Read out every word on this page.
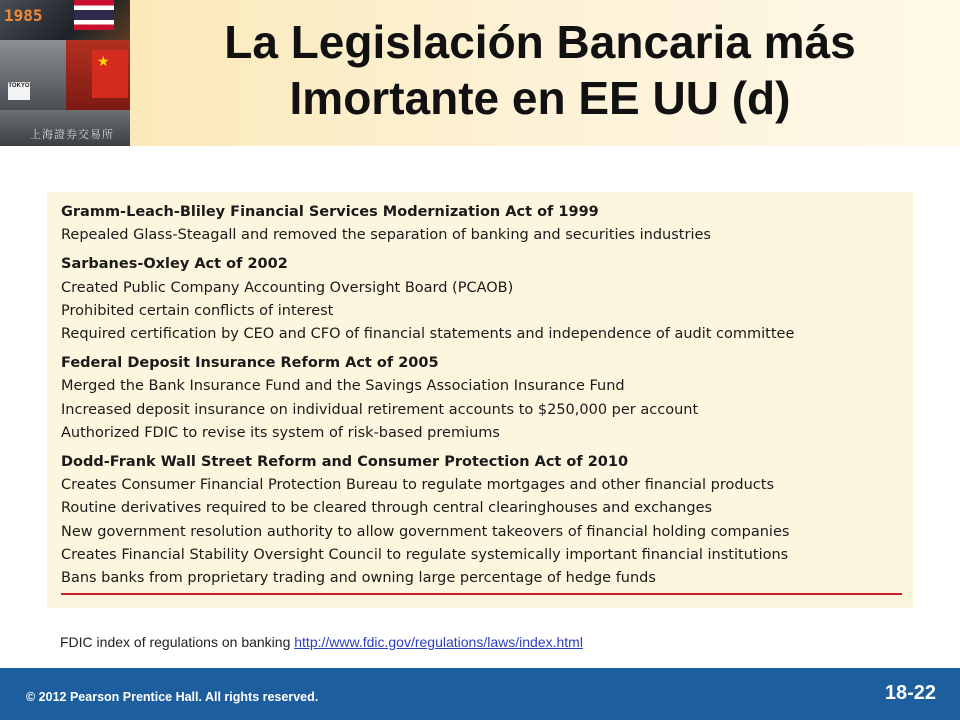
1985
TOKYO
★
上海證券交易所
La Legislación Bancaria más
Imortante en EE UU (d)
Gramm-Leach-Bliley Financial Services Modernization Act of 1999
Repealed Glass-Steagall and removed the separation of banking and securities industries
Sarbanes-Oxley Act of 2002
Created Public Company Accounting Oversight Board (PCAOB)
Prohibited certain conflicts of interest
Required certification by CEO and CFO of financial statements and independence of audit committee
Federal Deposit Insurance Reform Act of 2005
Merged the Bank Insurance Fund and the Savings Association Insurance Fund
Increased deposit insurance on individual retirement accounts to $250,000 per account
Authorized FDIC to revise its system of risk-based premiums
Dodd-Frank Wall Street Reform and Consumer Protection Act of 2010
Creates Consumer Financial Protection Bureau to regulate mortgages and other financial products
Routine derivatives required to be cleared through central clearinghouses and exchanges
New government resolution authority to allow government takeovers of financial holding companies
Creates Financial Stability Oversight Council to regulate systemically important financial institutions
Bans banks from proprietary trading and owning large percentage of hedge funds
FDIC index of regulations on banking http://www.fdic.gov/regulations/laws/index.html
© 2012 Pearson Prentice Hall. All rights reserved.	18-22
